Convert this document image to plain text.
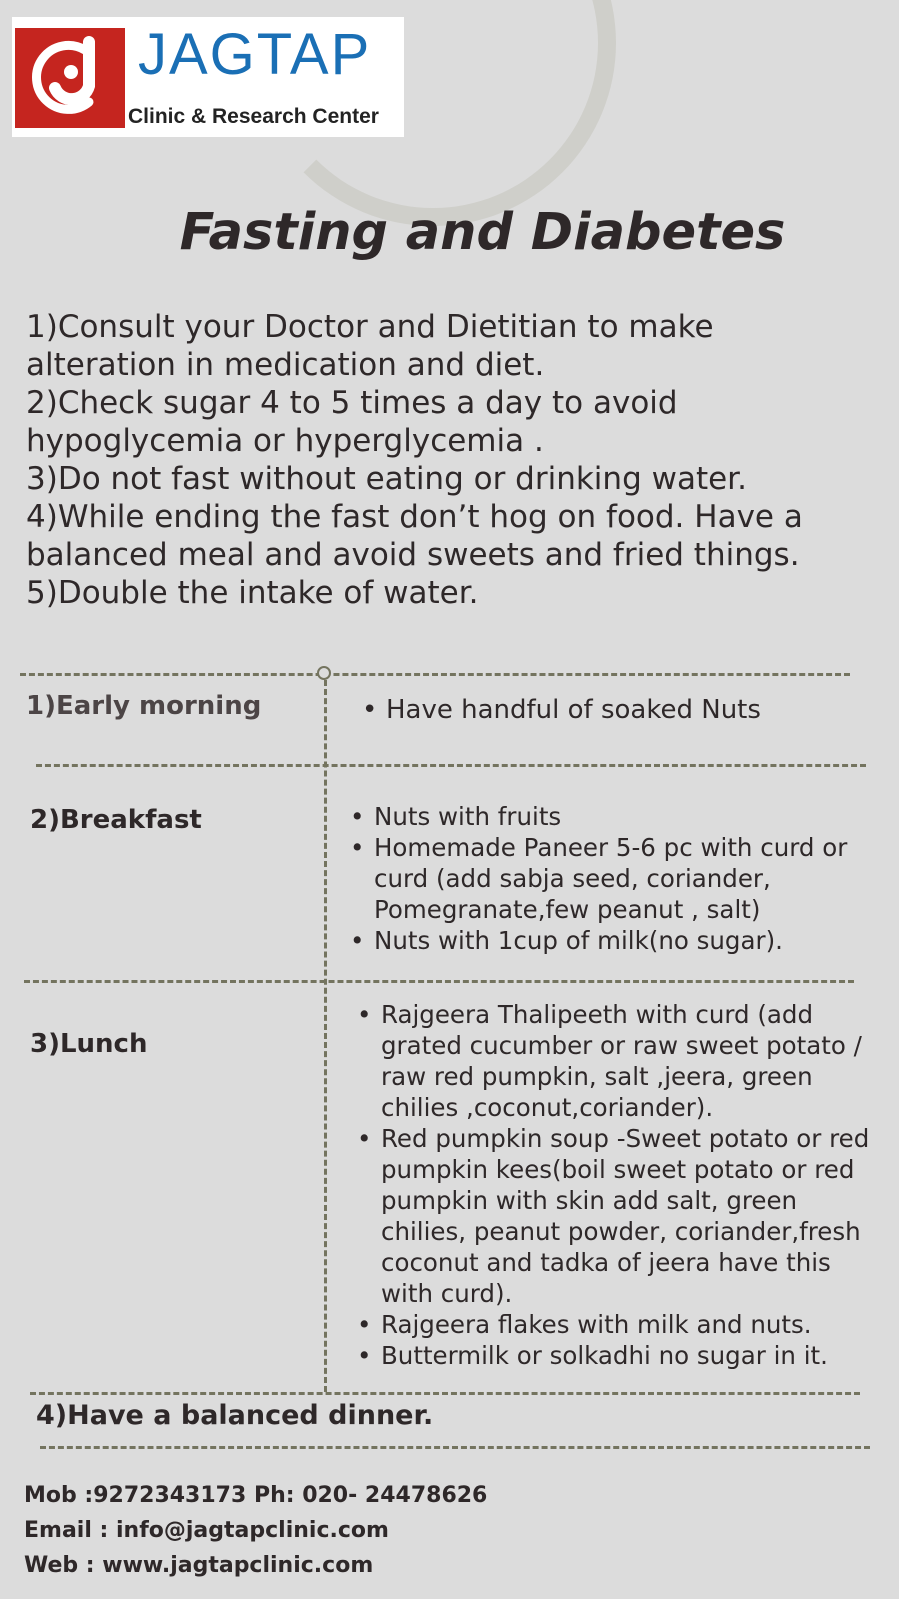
JAGTAP
Clinic & Research Center
Fasting and Diabetes
1)Consult your Doctor and Dietitian to make
alteration in medication and diet.
2)Check sugar 4 to 5 times a day to avoid
hypoglycemia or hyperglycemia .
3)Do not fast without eating or drinking water.
4)While ending the fast don’t hog on food. Have a
balanced meal and avoid sweets and fried things.
5)Double the intake of water.
1)Early morning	• Have handful of soaked Nuts
2)Breakfast	• Nuts with fruits
• Homemade Paneer 5-6 pc with curd or curd (add sabja seed, coriander, Pomegranate,few peanut , salt)
• Nuts with 1cup of milk(no sugar).
3)Lunch
• Rajgeera Thalipeeth with curd (add grated cucumber or raw sweet potato / raw red pumpkin, salt ,jeera, green chilies ,coconut,coriander).
• Red pumpkin soup -Sweet potato or red pumpkin kees(boil sweet potato or red pumpkin with skin add salt, green chilies, peanut powder, coriander,fresh coconut and tadka of jeera have this with curd).
• Rajgeera flakes with milk and nuts.
• Buttermilk or solkadhi no sugar in it.
4)Have a balanced dinner.
Mob :9272343173 Ph: 020- 24478626
Email : info@jagtapclinic.com
Web : www.jagtapclinic.com
